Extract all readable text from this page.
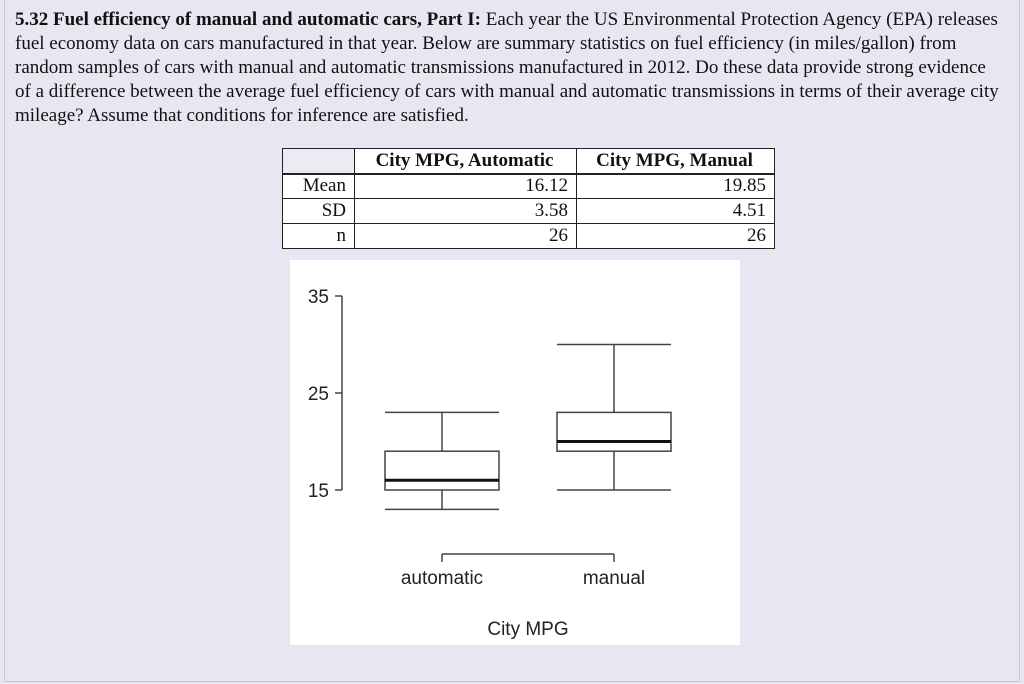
5.32 Fuel efficiency of manual and automatic cars, Part I: Each year the US Environmental Protection Agency (EPA) releases fuel economy data on cars manufactured in that year. Below are summary statistics on fuel efficiency (in miles/gallon) from random samples of cars with manual and automatic transmissions manufactured in 2012. Do these data provide strong evidence of a difference between the average fuel efficiency of cars with manual and automatic transmissions in terms of their average city mileage? Assume that conditions for inference are satisfied.

	City MPG, Automatic	City MPG, Manual
Mean	16.12	19.85
SD	3.58	4.51
n	26	26
15
25
35
automatic	manual
City MPG
